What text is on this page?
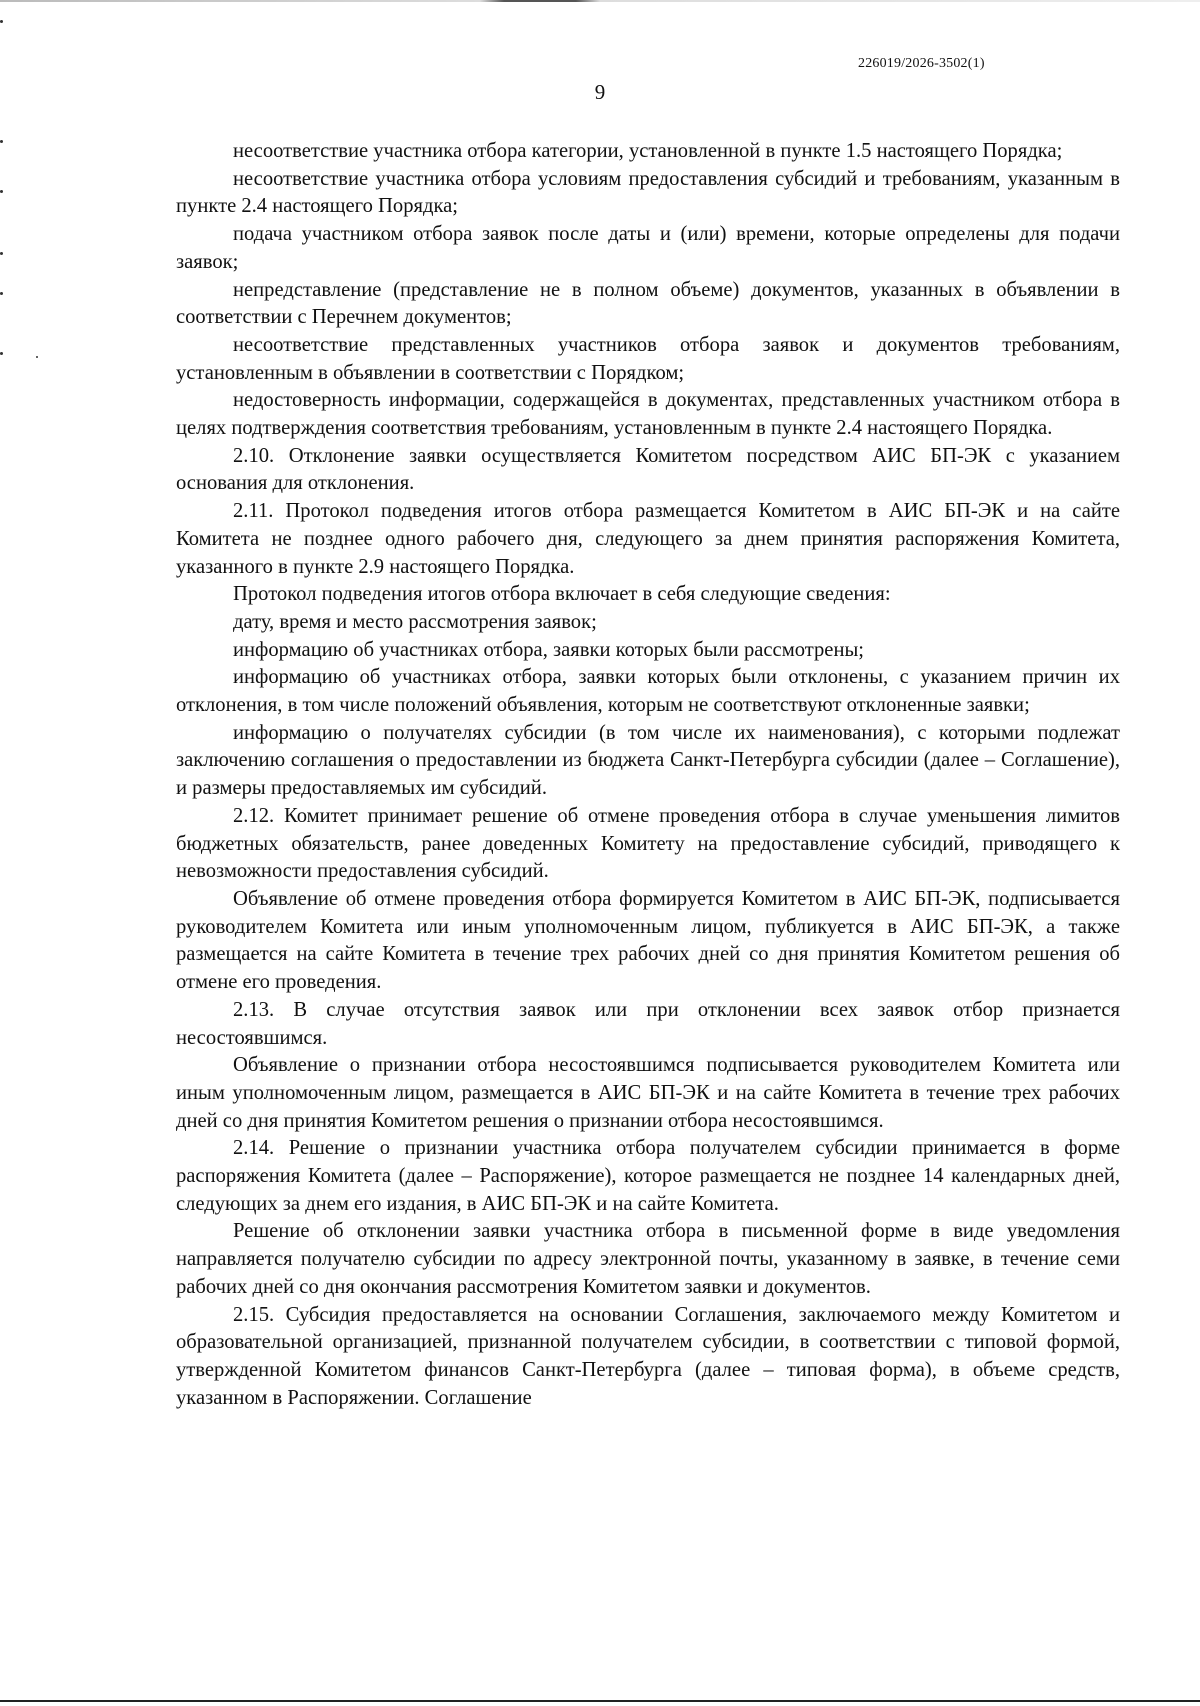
226019/2026-3502(1)
9

несоответствие участника отбора категории, установленной в пункте 1.5 настоящего Порядка;

несоответствие участника отбора условиям предоставления субсидий и требованиям, указанным в пункте 2.4 настоящего Порядка;

подача участником отбора заявок после даты и (или) времени, которые определены для подачи заявок;

непредставление (представление не в полном объеме) документов, указанных в объявлении в соответствии с Перечнем документов;

несоответствие представленных участников отбора заявок и документов требованиям, установленным в объявлении в соответствии с Порядком;

недостоверность информации, содержащейся в документах, представленных участником отбора в целях подтверждения соответствия требованиям, установленным в пункте 2.4 настоящего Порядка.

2.10. Отклонение заявки осуществляется Комитетом посредством АИС БП-ЭК с указанием основания для отклонения.

2.11. Протокол подведения итогов отбора размещается Комитетом в АИС БП-ЭК и на сайте Комитета не позднее одного рабочего дня, следующего за днем принятия распоряжения Комитета, указанного в пункте 2.9 настоящего Порядка.

Протокол подведения итогов отбора включает в себя следующие сведения:

дату, время и место рассмотрения заявок;

информацию об участниках отбора, заявки которых были рассмотрены;

информацию об участниках отбора, заявки которых были отклонены, с указанием причин их отклонения, в том числе положений объявления, которым не соответствуют отклоненные заявки;

информацию о получателях субсидии (в том числе их наименования), с которыми подлежат заключению соглашения о предоставлении из бюджета Санкт-Петербурга субсидии (далее – Соглашение), и размеры предоставляемых им субсидий.

2.12. Комитет принимает решение об отмене проведения отбора в случае уменьшения лимитов бюджетных обязательств, ранее доведенных Комитету на предоставление субсидий, приводящего к невозможности предоставления субсидий.

Объявление об отмене проведения отбора формируется Комитетом в АИС БП-ЭК, подписывается руководителем Комитета или иным уполномоченным лицом, публикуется в АИС БП-ЭК, а также размещается на сайте Комитета в течение трех рабочих дней со дня принятия Комитетом решения об отмене его проведения.

2.13. В случае отсутствия заявок или при отклонении всех заявок отбор признается несостоявшимся.

Объявление о признании отбора несостоявшимся подписывается руководителем Комитета или иным уполномоченным лицом, размещается в АИС БП-ЭК и на сайте Комитета в течение трех рабочих дней со дня принятия Комитетом решения о признании отбора несостоявшимся.

2.14. Решение о признании участника отбора получателем субсидии принимается в форме распоряжения Комитета (далее – Распоряжение), которое размещается не позднее 14 календарных дней, следующих за днем его издания, в АИС БП-ЭК и на сайте Комитета.

Решение об отклонении заявки участника отбора в письменной форме в виде уведомления направляется получателю субсидии по адресу электронной почты, указанному в заявке, в течение семи рабочих дней со дня окончания рассмотрения Комитетом заявки и документов.

2.15. Субсидия предоставляется на основании Соглашения, заключаемого между Комитетом и образовательной организацией, признанной получателем субсидии, в соответствии с типовой формой, утвержденной Комитетом финансов Санкт-Петербурга (далее – типовая форма), в объеме средств, указанном в Распоряжении. Соглашение
